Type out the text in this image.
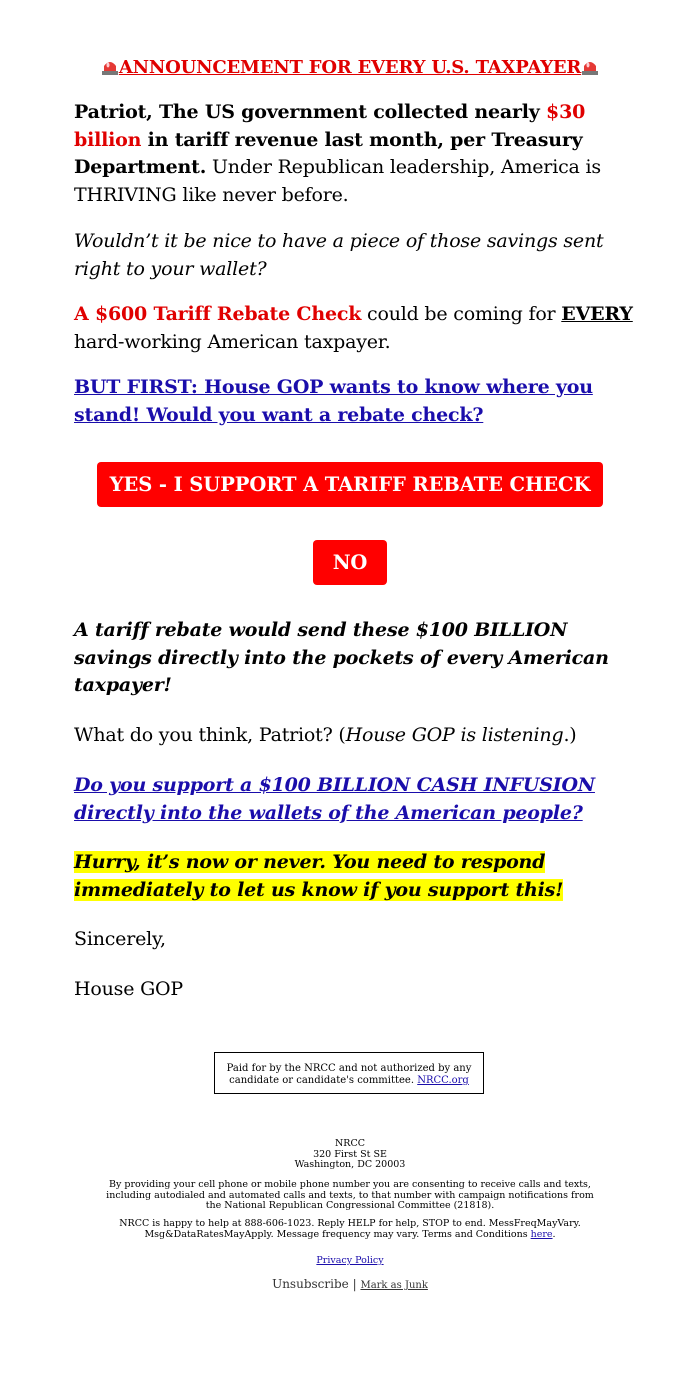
ANNOUNCEMENT FOR EVERY U.S. TAXPAYER
Patriot, The US government collected nearly $30 billion in tariff revenue last month, per Treasury Department. Under Republican leadership, America is THRIVING like never before.
Wouldn’t it be nice to have a piece of those savings sent right to your wallet?
A $600 Tariff Rebate Check could be coming for EVERY hard-working American taxpayer.
BUT FIRST: House GOP wants to know where you stand! Would you want a rebate check?
YES - I SUPPORT A TARIFF REBATE CHECK
NO
A tariff rebate would send these $100 BILLION savings directly into the pockets of every American taxpayer!
What do you think, Patriot? (House GOP is listening.)
Do you support a $100 BILLION CASH INFUSION directly into the wallets of the American people?
Hurry, it’s now or never. You need to respond immediately to let us know if you support this!
Sincerely,
House GOP
Paid for by the NRCC and not authorized by any candidate or candidate's committee. NRCC.org
NRCC
320 First St SE
Washington, DC 20003
By providing your cell phone or mobile phone number you are consenting to receive calls and texts, including autodialed and automated calls and texts, to that number with campaign notifications from the National Republican Congressional Committee (21818).
NRCC is happy to help at 888-606-1023. Reply HELP for help, STOP to end. MessFreqMayVary. Msg&DataRatesMayApply. Message frequency may vary. Terms and Conditions here.
Privacy Policy
Unsubscribe | Mark as Junk
